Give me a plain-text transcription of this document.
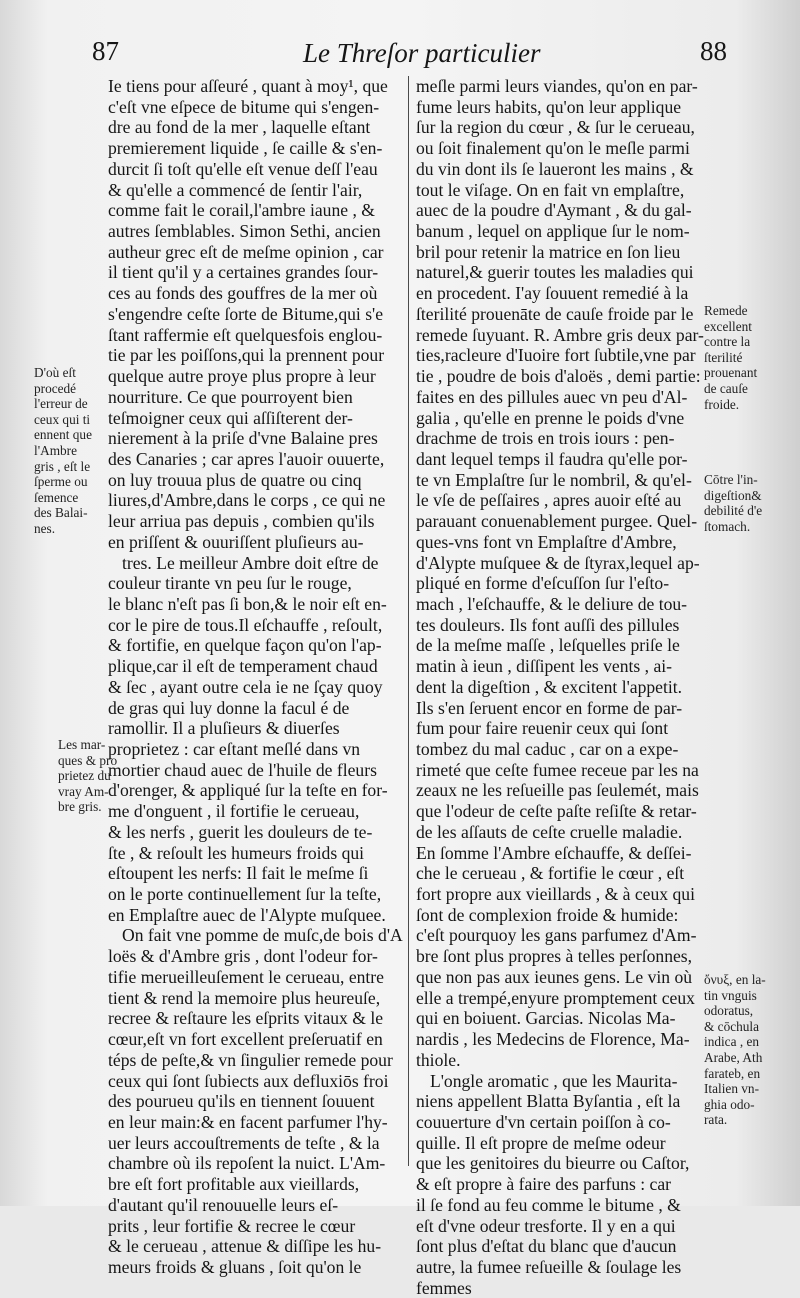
87	Le Threſor particulier	88
Ie tiens pour aſſeuré , quant à moy¹, que
c'eſt vne eſpece de bitume qui s'engen-
dre au fond de la mer , laquelle eſtant
premierement liquide , ſe caille & s'en-
durcit ſi toſt qu'elle eſt venue deſſ l'eau
& qu'elle a commencé de ſentir l'air,
comme fait le corail,l'ambre iaune , &
autres ſemblables. Simon Sethi, ancien
autheur grec eſt de meſme opinion , car
il tient qu'il y a certaines grandes ſour-
ces au fonds des gouffres de la mer où
s'engendre ceſte ſorte de Bitume,qui s'e
ſtant raffermie eſt quelquesfois englou-
tie par les poiſſons,qui la prennent pour
quelque autre proye plus propre à leur
nourriture. Ce que pourroyent bien
teſmoigner ceux qui aſſiſterent der-
nierement à la priſe d'vne Balaine pres
des Canaries ; car apres l'auoir ouuerte,
on luy trouua plus de quatre ou cinq
liures,d'Ambre,dans le corps , ce qui ne
leur arriua pas depuis , combien qu'ils
en priſſent & ouuriſſent pluſieurs au-
tres. Le meilleur Ambre doit eſtre de
couleur tirante vn peu ſur le rouge,
le blanc n'eſt pas ſi bon,& le noir eſt en-
cor le pire de tous.Il eſchauffe , reſoult,
& fortifie, en quelque façon qu'on l'ap-
plique,car il eſt de temperament chaud
& ſec , ayant outre cela ie ne ſçay quoy
de gras qui luy donne la facul é de
ramollir. Il a pluſieurs & diuerſes
proprietez : car eſtant meſlé dans vn
mortier chaud auec de l'huile de fleurs
d'orenger, & appliqué ſur la teſte en for-
me d'onguent , il fortifie le cerueau,
& les nerfs , guerit les douleurs de te-
ſte , & reſoult les humeurs froids qui
eſtoupent les nerfs: Il fait le meſme ſi
on le porte continuellement ſur la teſte,
en Emplaſtre auec de l'Alypte muſquee.
On fait vne pomme de muſc,de bois d'A
loës & d'Ambre gris , dont l'odeur for-
tifie merueilleuſement le cerueau, entre
tient & rend la memoire plus heureuſe,
recree & reſtaure les eſprits vitaux & le
cœur,eſt vn fort excellent preſeruatif en
téps de peſte,& vn ſingulier remede pour
ceux qui ſont ſubiects aux defluxiōs froi
des pourueu qu'ils en tiennent ſouuent
en leur main:& en facent parfumer l'hy-
uer leurs accouſtrements de teſte , & la
chambre où ils repoſent la nuict. L'Am-
bre eſt fort profitable aux vieillards,
d'autant qu'il renouuelle leurs eſ-
prits , leur fortifie & recree le cœur
& le cerueau , attenue & diſſipe les hu-
meurs froids & gluans , ſoit qu'on le
meſle parmi leurs viandes, qu'on en par-
fume leurs habits, qu'on leur applique
ſur la region du cœur , & ſur le cerueau,
ou ſoit finalement qu'on le meſle parmi
du vin dont ils ſe laueront les mains , &
tout le viſage. On en fait vn emplaſtre,
auec de la poudre d'Aymant , & du gal-
banum , lequel on applique ſur le nom-
bril pour retenir la matrice en ſon lieu
naturel,& guerir toutes les maladies qui
en procedent. I'ay ſouuent remedié à la
ſterilité prouenāte de cauſe froide par le
remede ſuyuant. R. Ambre gris deux par-
ties,racleure d'Iuoire fort ſubtile,vne par
tie , poudre de bois d'aloës , demi partie:
faites en des pillules auec vn peu d'Al-
galia , qu'elle en prenne le poids d'vne
drachme de trois en trois iours : pen-
dant lequel temps il faudra qu'elle por-
te vn Emplaſtre ſur le nombril, & qu'el-
le vſe de peſſaires , apres auoir eſté au
parauant conuenablement purgee. Quel-
ques-vns font vn Emplaſtre d'Ambre,
d'Alypte muſquee & de ſtyrax,lequel ap-
pliqué en forme d'eſcuſſon ſur l'eſto-
mach , l'eſchauffe, & le deliure de tou-
tes douleurs. Ils font auſſi des pillules
de la meſme maſſe , leſquelles priſe le
matin à ieun , diſſipent les vents , ai-
dent la digeſtion , & excitent l'appetit.
Ils s'en ſeruent encor en forme de par-
fum pour faire reuenir ceux qui ſont
tombez du mal caduc , car on a expe-
rimeté que ceſte fumee receue par les na
zeaux ne les reſueille pas ſeulemét, mais
que l'odeur de ceſte paſte reſiſte & retar-
de les aſſauts de ceſte cruelle maladie.
En ſomme l'Ambre eſchauffe, & deſſei-
che le cerueau , & fortifie le cœur , eſt
fort propre aux vieillards , & à ceux qui
ſont de complexion froide & humide:
c'eſt pourquoy les gans parfumez d'Am-
bre ſont plus propres à telles perſonnes,
que non pas aux ieunes gens. Le vin où
elle a trempé,enyure promptement ceux
qui en boiuent. Garcias. Nicolas Ma-
nardis , les Medecins de Florence, Ma-
thiole.
L'ongle aromatic , que les Maurita-
niens appellent Blatta Byſantia , eſt la
couuerture d'vn certain poiſſon à co-
quille. Il eſt propre de meſme odeur
que les genitoires du bieurre ou Caſtor,
& eſt propre à faire des parfuns : car
il ſe fond au feu comme le bitume , &
eſt d'vne odeur tresforte. Il y en a qui
ſont plus d'eſtat du blanc que d'aucun
autre, la fumee reſueille & ſoulage les
femmes
D'où eſt
procedé
l'erreur de
ceux qui ti
ennent que
l'Ambre
gris , eſt le
ſperme ou
ſemence
des Balai-
nes.
Les mar-
ques & pro
prietez du
vray Am-
bre gris.
Remede
excellent
contre la
ſterilité
prouenant
de cauſe
froide.
Cōtre l'in-
digeſtion&
debilité d'e
ſtomach.
ὄνυξ, en la-
tin vnguis
odoratus,
& cōchula
indica , en
Arabe, Ath
farateb, en
Italien vn-
ghia odo-
rata.
